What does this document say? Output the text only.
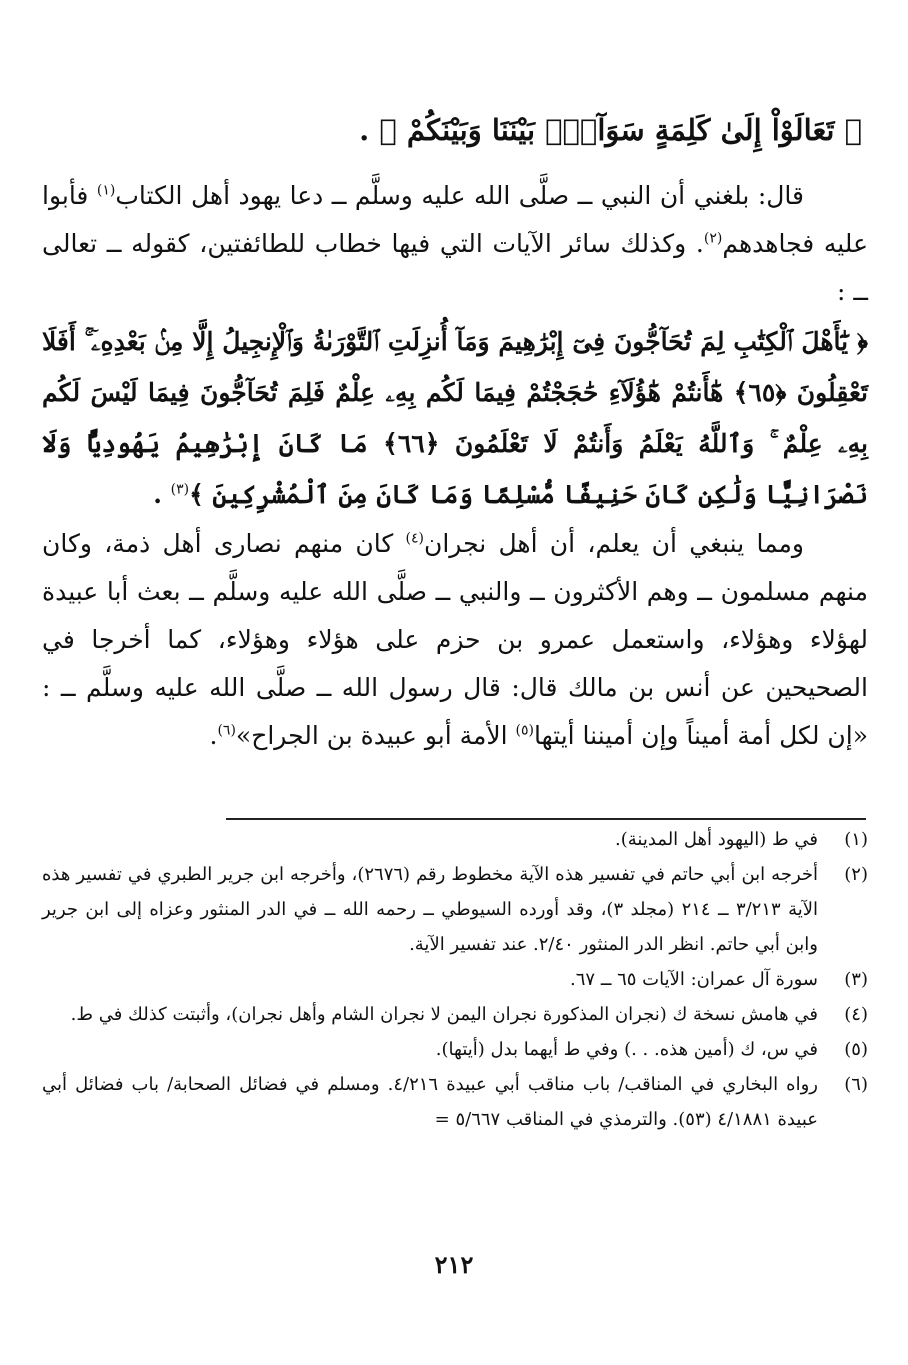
﴿ تَعَالَوْاْ إِلَىٰ كَلِمَةٍ سَوَآءِۭ بَيْنَنَا وَبَيْنَكُمْ ﴾ .

قال: بلغني أن النبي ــ صلَّى الله عليه وسلَّم ــ دعا يهود أهل الكتاب$^{(١)}$ فأبوا عليه فجاهدهم$^{(٢)}$. وكذلك سائر الآيات التي فيها خطاب للطائفتين، كقوله ــ تعالى ــ :

﴿ يَٰٓأَهْلَ ٱلْكِتَٰبِ لِمَ تُحَآجُّونَ فِىٓ إِبْرَٰهِيمَ وَمَآ أُنزِلَتِ ٱلتَّوْرَىٰةُ وَٱلْإِنجِيلُ إِلَّا مِنۢ بَعْدِهِۦٓ ۚ أَفَلَا تَعْقِلُونَ ﴿٦٥﴾ هَٰٓأَنتُمْ هَٰٓؤُلَآءِ حَٰجَجْتُمْ فِيمَا لَكُم بِهِۦ عِلْمٌ فَلِمَ تُحَآجُّونَ فِيمَا لَيْسَ لَكُم بِهِۦ عِلْمٌ ۚ وَٱللَّهُ يَعْلَمُ وَأَنتُمْ لَا تَعْلَمُونَ ﴿٦٦﴾ مَا كَانَ إِبْرَٰهِيمُ يَهُودِيًّا وَلَا نَصْرَانِيًّا وَلَٰكِن كَانَ حَنِيفًا مُّسْلِمًا وَمَا كَانَ مِنَ ٱلْمُشْرِكِينَ ﴾$^{(٣)}$ .

ومما ينبغي أن يعلم، أن أهل نجران$^{(٤)}$ كان منهم نصارى أهل ذمة، وكان منهم مسلمون ــ وهم الأكثرون ــ والنبي ــ صلَّى الله عليه وسلَّم ــ بعث أبا عبيدة لهؤلاء وهؤلاء، واستعمل عمرو بن حزم على هؤلاء وهؤلاء، كما أخرجا في الصحيحين عن أنس بن مالك قال: قال رسول الله ــ صلَّى الله عليه وسلَّم ــ : «إن لكل أمة أميناً وإن أميننا أيتها$^{(٥)}$ الأمة أبو عبيدة بن الجراح»$^{(٦)}$.

(١)
في ط (اليهود أهل المدينة).
(٢)
أخرجه ابن أبي حاتم في تفسير هذه الآية مخطوط رقم (٢٦٧٦)، وأخرجه ابن جرير الطبري في تفسير هذه الآية ٣/٢١٣ ــ ٢١٤ (مجلد ٣)، وقد أورده السيوطي ــ رحمه الله ــ في الدر المنثور وعزاه إلى ابن جرير وابن أبي حاتم. انظر الدر المنثور ٢/٤٠. عند تفسير الآية.
(٣)
سورة آل عمران: الآيات ٦٥ ــ ٦٧.
(٤)
في هامش نسخة ك (نجران المذكورة نجران اليمن لا نجران الشام وأهل نجران)، وأثبتت كذلك في ط.
(٥)
في س، ك (أمين هذه. . .) وفي ط أيهما بدل (أيتها).
(٦)
رواه البخاري في المناقب/ باب مناقب أبي عبيدة ٤/٢١٦. ومسلم في فضائل الصحابة/ باب فضائل أبي عبيدة ٤/١٨٨١ (٥٣). والترمذي في المناقب ٥/٦٦٧ =
٢١٢
